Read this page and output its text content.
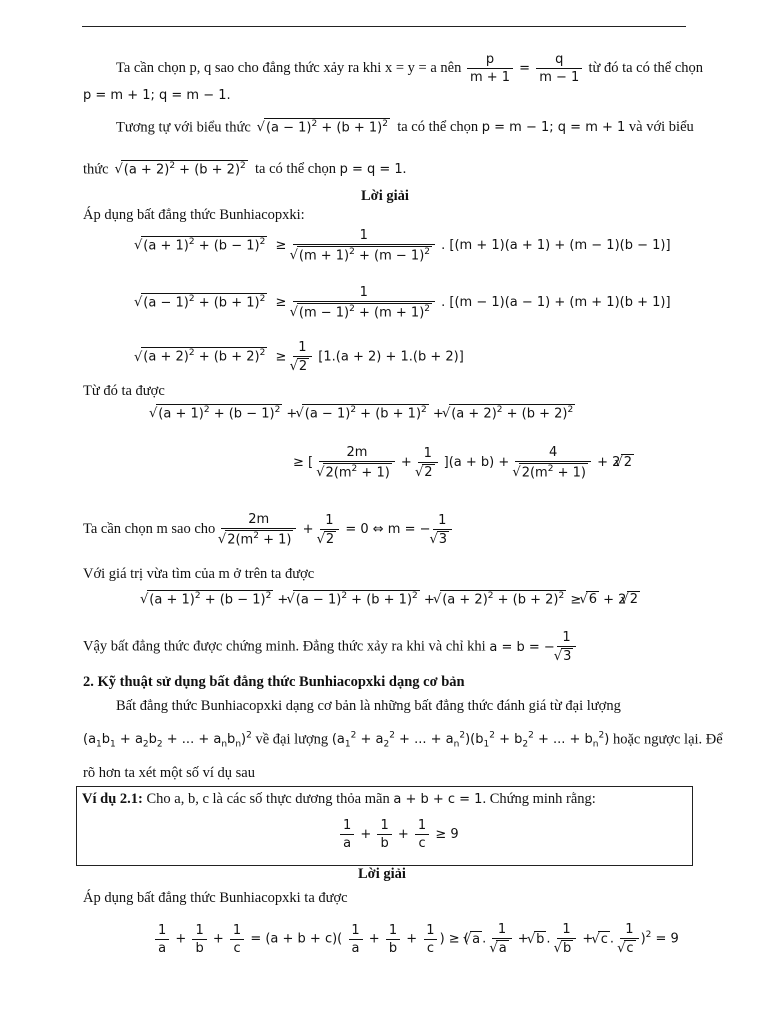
Ta cần chọn p, q sao cho đẳng thức xảy ra khi x = y = a nên $\frac{p}{m + 1} = \frac{q}{m - 1}$ từ đó ta có thể chọn
p = m + 1; q = m − 1.
Tương tự với biểu thức   √ $(a - 1)^2 + (b + 1)^2$  ta có thể chọn p = m − 1; q = m + 1 và với biểu
thức   √ $(a + 2)^2 + (b + 2)^2$  ta có thể chọn p = q = 1.
Lời giải
Áp dụng bất đẳng thức Bunhiacopxki:
√ $(a + 1)^2 + (b - 1)^2 \ge 1$
√ $(m + 1)^2 + (m - 1)^2$ . [(m + 1)(a + 1) + (m − 1)(b − 1)]
√ $(a - 1)^2 + (b + 1)^2 \ge 1$
√ $(m - 1)^2 + (m + 1)^2$ . [(m − 1)(a − 1) + (m + 1)(b + 1)]
√ $(a + 2)^2 + (b + 2)^2 \ge 1$
√ 2 [1.(a + 2) + 1.(b + 2)]
Từ đó ta được
√ $(a + 1)^2 + (b - 1)^2$ + √ $(a - 1)^2 + (b + 1)^2$ + √ $(a + 2)^2 + (b + 2)^2$
≥ [ 2m
√ $2(m^2 + 1) + 1$
√ 2 ](a + b) + 4
√ $2(m^2 + 1) + 2√$ 2
Ta cần chọn m sao cho 2m
√ $2(m^2 + 1) + 1$
√ 2 = 0 ⇔ m = − 1
√ 3
Với giá trị vừa tìm của m ở trên ta được
√ $(a + 1)^2 + (b - 1)^2$ + √ $(a - 1)^2 + (b + 1)^2$ + √ $(a + 2)^2 + (b + 2)^2$ ≥ √ 6 + 2√ 2
Vậy bất đẳng thức được chứng minh. Đẳng thức xảy ra khi và chỉ khi a = b = − 1
√ 3
2. Kỹ thuật sử dụng bất đẳng thức Bunhiacopxki dạng cơ bản
Bất đẳng thức Bunhiacopxki dạng cơ bản là những bất đẳng thức đánh giá từ đại lượng
($a_1b_1 + a_2b_2$ + ... + $a_nb_n)^2$ về đại lượng ($a_1^2 + a_2^2$ + ... + $a_n^2)(b_1^2 + b_2^2$ + ... + $b_n^2$) hoặc ngược lại. Để
rõ hơn ta xét một số ví dụ sau
Ví dụ 2.1: Cho a, b, c là các số thực dương thỏa mãn a + b + c = 1. Chứng minh rằng:
$\frac{1}{a} + \frac{1}{b} + \frac{1}{c} \ge 9$
Lời giải
Áp dụng bất đẳng thức Bunhiacopxki ta được
$\frac{1}{a} + \frac{1}{b} + \frac{1}{c} = (a + b + c)( \frac{1}{a} + \frac{1}{b} + \frac{1}{c}$ ) ≥ (√ a . 1
√ a + √ b . 1
√ b + √ c . 1
√ c )$^2$ = 9
